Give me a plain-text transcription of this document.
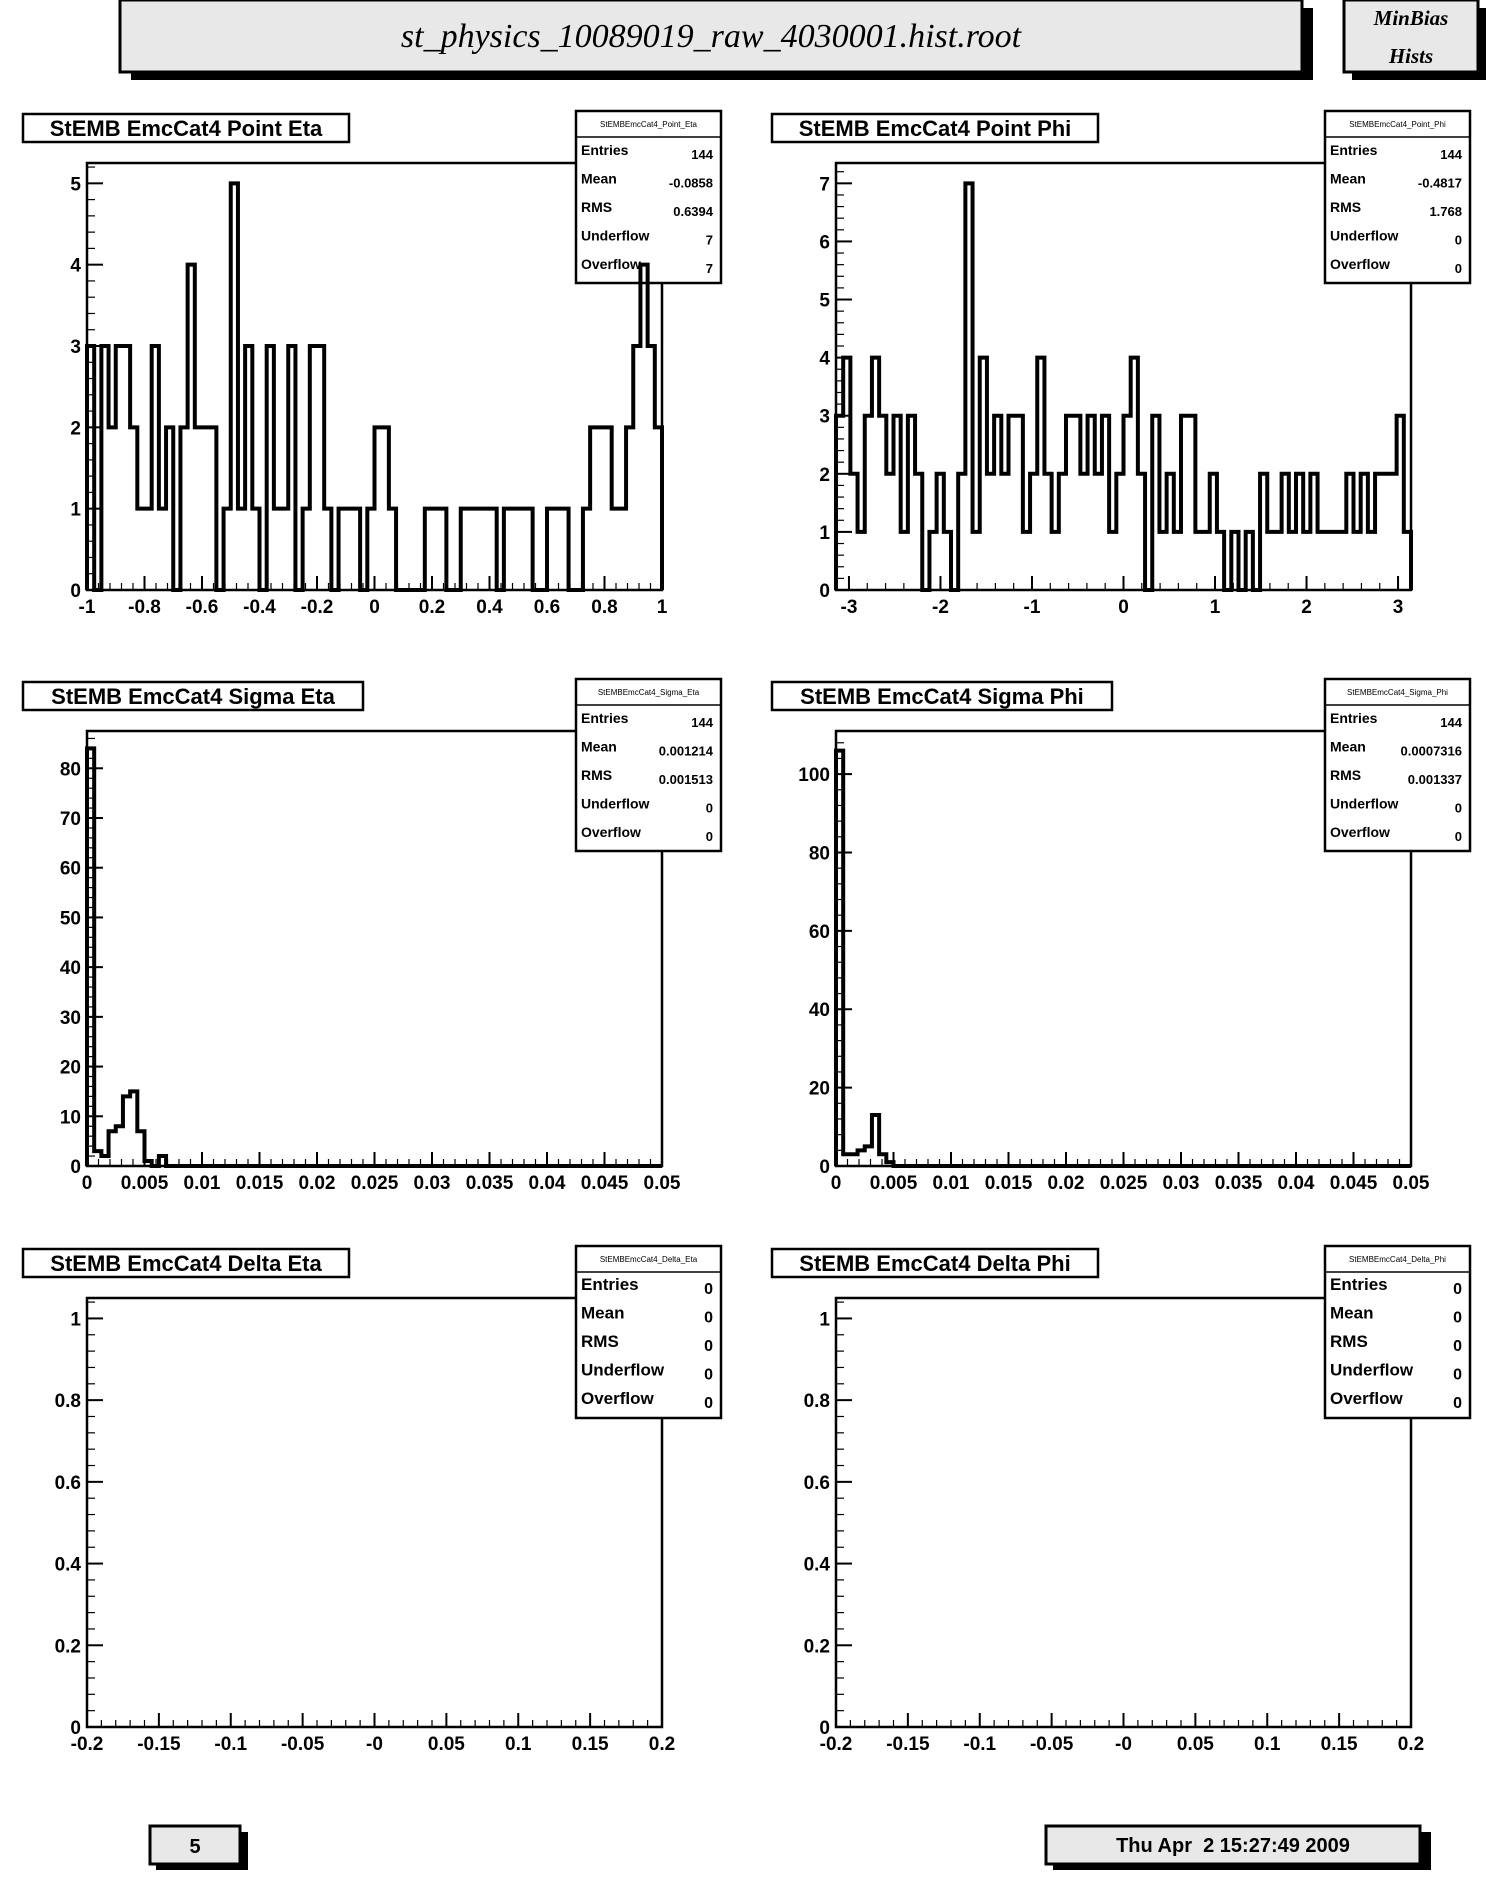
st_physics_10089019_raw_4030001.hist.root	MinBias
Hists
StEMB EmcCat4 Point Eta	StEMBEmcCat4_Point_Eta
Entries	144
Mean	-0.0858
RMS	0.6394
Underflow	7
Overflow	7
0
1
2
3
4
5
-1 -0.8 -0.6 -0.4 -0.2 0 0.2 0.4 0.6 0.8 1
StEMB EmcCat4 Point Phi	StEMBEmcCat4_Point_Phi
Entries	144
Mean	-0.4817
RMS	1.768
Underflow	0
Overflow	0
0
1
2
3
4
5
6
7
-3	-2	-1	0	1	2	3
StEMB EmcCat4 Sigma Eta	StEMBEmcCat4_Sigma_Eta
Entries	144
Mean	0.001214
RMS	0.001513
Underflow	0
Overflow	0
0
10
20
30
40
50
60
70
80
0 0.005 0.01 0.015 0.02 0.025 0.03 0.035 0.04 0.045 0.05
StEMB EmcCat4 Sigma Phi	StEMBEmcCat4_Sigma_Phi
Entries	144
Mean	0.0007316
RMS	0.001337
Underflow	0
Overflow	0
0
20
40
60
80
100
0 0.005 0.01 0.015 0.02 0.025 0.03 0.035 0.04 0.045 0.05
StEMB EmcCat4 Delta Eta	StEMBEmcCat4_Delta_Eta
Entries	0
Mean	0
RMS	0
Underflow 0
Overflow	0
0
0.2
0.4
0.6
0.8
1
-0.2 -0.15 -0.1 -0.05 -0 0.05 0.1 0.15 0.2
StEMB EmcCat4 Delta Phi	StEMBEmcCat4_Delta_Phi
Entries	0
Mean	0
RMS	0
Underflow 0
Overflow	0
0
0.2
0.4
0.6
0.8
1
-0.2 -0.15 -0.1 -0.05 -0 0.05 0.1 0.15 0.2
5	Thu Apr  2 15:27:49 2009
